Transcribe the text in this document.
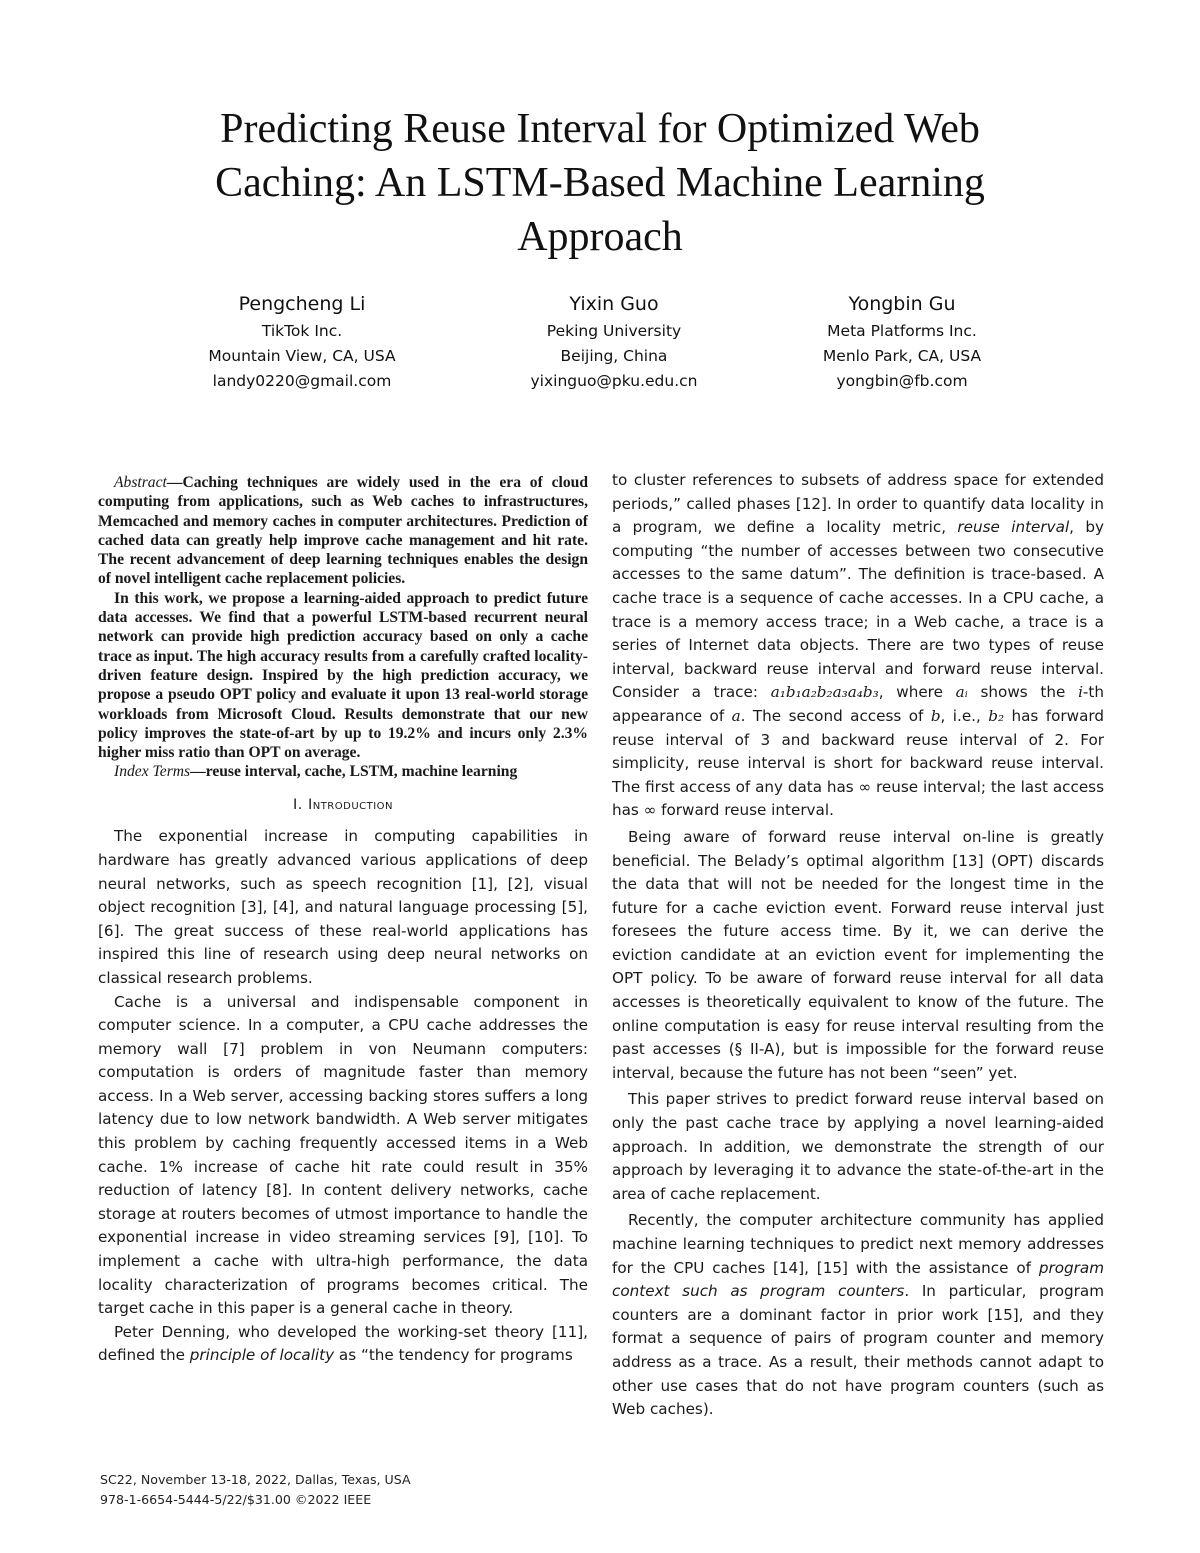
Predicting Reuse Interval for Optimized Web
Caching: An LSTM-Based Machine Learning
Approach
Pengcheng Li
TikTok Inc.
Mountain View, CA, USA
landy0220@gmail.com
Yixin Guo
Peking University
Beijing, China
yixinguo@pku.edu.cn
Yongbin Gu
Meta Platforms Inc.
Menlo Park, CA, USA
yongbin@fb.com

Abstract—Caching techniques are widely used in the era of cloud computing from applications, such as Web caches to infrastructures, Memcached and memory caches in computer architectures. Prediction of cached data can greatly help improve cache management and hit rate. The recent advancement of deep learning techniques enables the design of novel intelligent cache replacement policies.

In this work, we propose a learning-aided approach to predict future data accesses. We find that a powerful LSTM-based recurrent neural network can provide high prediction accuracy based on only a cache trace as input. The high accuracy results from a carefully crafted locality-driven feature design. Inspired by the high prediction accuracy, we propose a pseudo OPT policy and evaluate it upon 13 real-world storage workloads from Microsoft Cloud. Results demonstrate that our new policy improves the state-of-art by up to 19.2% and incurs only 2.3% higher miss ratio than OPT on average.

Index Terms—reuse interval, cache, LSTM, machine learning

I. Introduction

The exponential increase in computing capabilities in hardware has greatly advanced various applications of deep neural networks, such as speech recognition [1], [2], visual object recognition [3], [4], and natural language processing [5], [6]. The great success of these real-world applications has inspired this line of research using deep neural networks on classical research problems.

Cache is a universal and indispensable component in computer science. In a computer, a CPU cache addresses the memory wall [7] problem in von Neumann computers: computation is orders of magnitude faster than memory access. In a Web server, accessing backing stores suffers a long latency due to low network bandwidth. A Web server mitigates this problem by caching frequently accessed items in a Web cache. 1% increase of cache hit rate could result in 35% reduction of latency [8]. In content delivery networks, cache storage at routers becomes of utmost importance to handle the exponential increase in video streaming services [9], [10]. To implement a cache with ultra-high performance, the data locality characterization of programs becomes critical. The target cache in this paper is a general cache in theory.

Peter Denning, who developed the working-set theory [11], defined the principle of locality as “the tendency for programs

to cluster references to subsets of address space for extended periods,” called phases [12]. In order to quantify data locality in a program, we define a locality metric, reuse interval, by computing “the number of accesses between two consecutive accesses to the same datum”. The definition is trace-based. A cache trace is a sequence of cache accesses. In a CPU cache, a trace is a memory access trace; in a Web cache, a trace is a series of Internet data objects. There are two types of reuse interval, backward reuse interval and forward reuse interval. Consider a trace: a₁b₁a₂b₂a₃a₄b₃, where aᵢ shows the i-th appearance of a. The second access of b, i.e., b₂ has forward reuse interval of 3 and backward reuse interval of 2. For simplicity, reuse interval is short for backward reuse interval. The first access of any data has ∞ reuse interval; the last access has ∞ forward reuse interval.

Being aware of forward reuse interval on-line is greatly beneficial. The Belady’s optimal algorithm [13] (OPT) discards the data that will not be needed for the longest time in the future for a cache eviction event. Forward reuse interval just foresees the future access time. By it, we can derive the eviction candidate at an eviction event for implementing the OPT policy. To be aware of forward reuse interval for all data accesses is theoretically equivalent to know of the future. The online computation is easy for reuse interval resulting from the past accesses (§ II-A), but is impossible for the forward reuse interval, because the future has not been “seen” yet.

This paper strives to predict forward reuse interval based on only the past cache trace by applying a novel learning-aided approach. In addition, we demonstrate the strength of our approach by leveraging it to advance the state-of-the-art in the area of cache replacement.

Recently, the computer architecture community has applied machine learning techniques to predict next memory addresses for the CPU caches [14], [15] with the assistance of program context such as program counters. In particular, program counters are a dominant factor in prior work [15], and they format a sequence of pairs of program counter and memory address as a trace. As a result, their methods cannot adapt to other use cases that do not have program counters (such as Web caches).

SC22, November 13-18, 2022, Dallas, Texas, USA
978-1-6654-5444-5/22/$31.00 ©2022 IEEE
